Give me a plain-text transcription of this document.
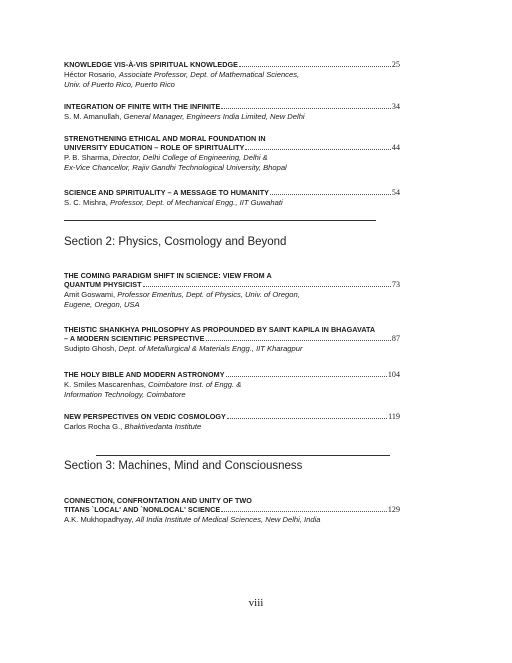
Section 2: Physics, Cosmology and Beyond
Section 3: Machines, Mind and Consciousness
viii
KNOWLEDGE VIS-À-VIS SPIRITUAL KNOWLEDGE	25
Héctor Rosario, Associate Professor, Dept. of Mathematical Sciences,
Univ. of Puerto Rico, Puerto Rico
INTEGRATION OF FINITE WITH THE INFINITE	34
S. M. Amanullah, General Manager, Engineers India Limited, New Delhi
STRENGTHENING ETHICAL AND MORAL FOUNDATION IN
UNIVERSITY EDUCATION – ROLE OF SPIRITUALITY	44
P. B. Sharma, Director, Delhi College of Engineering, Delhi &
Ex-Vice Chancellor, Rajiv Gandhi Technological University, Bhopal
SCIENCE AND SPIRITUALITY – A MESSAGE TO HUMANITY	54
S. C. Mishra, Professor, Dept. of Mechanical Engg., IIT Guwahati
THE COMING PARADIGM SHIFT IN SCIENCE: VIEW FROM A
QUANTUM PHYSICIST	73
Amit Goswami, Professor Emeritus, Dept. of Physics, Univ. of Oregon,
Eugene, Oregon, USA
THEISTIC SHANKHYA PHILOSOPHY AS PROPOUNDED BY SAINT KAPILA IN BHAGAVATA
– A MODERN SCIENTIFIC PERSPECTIVE	87
Sudipto Ghosh, Dept. of Metallurgical & Materials Engg., IIT Kharagpur
THE HOLY BIBLE AND MODERN ASTRONOMY	104
K. Smiles Mascarenhas, Coimbatore Inst. of Engg. &
Information Technology, Coimbatore
NEW PERSPECTIVES ON VEDIC COSMOLOGY	119
Carlos Rocha G., Bhaktivedanta Institute
CONNECTION, CONFRONTATION AND UNITY OF TWO
TITANS `LOCAL' AND `NONLOCAL' SCIENCE	129
A.K. Mukhopadhyay, All India Institute of Medical Sciences, New Delhi, India
